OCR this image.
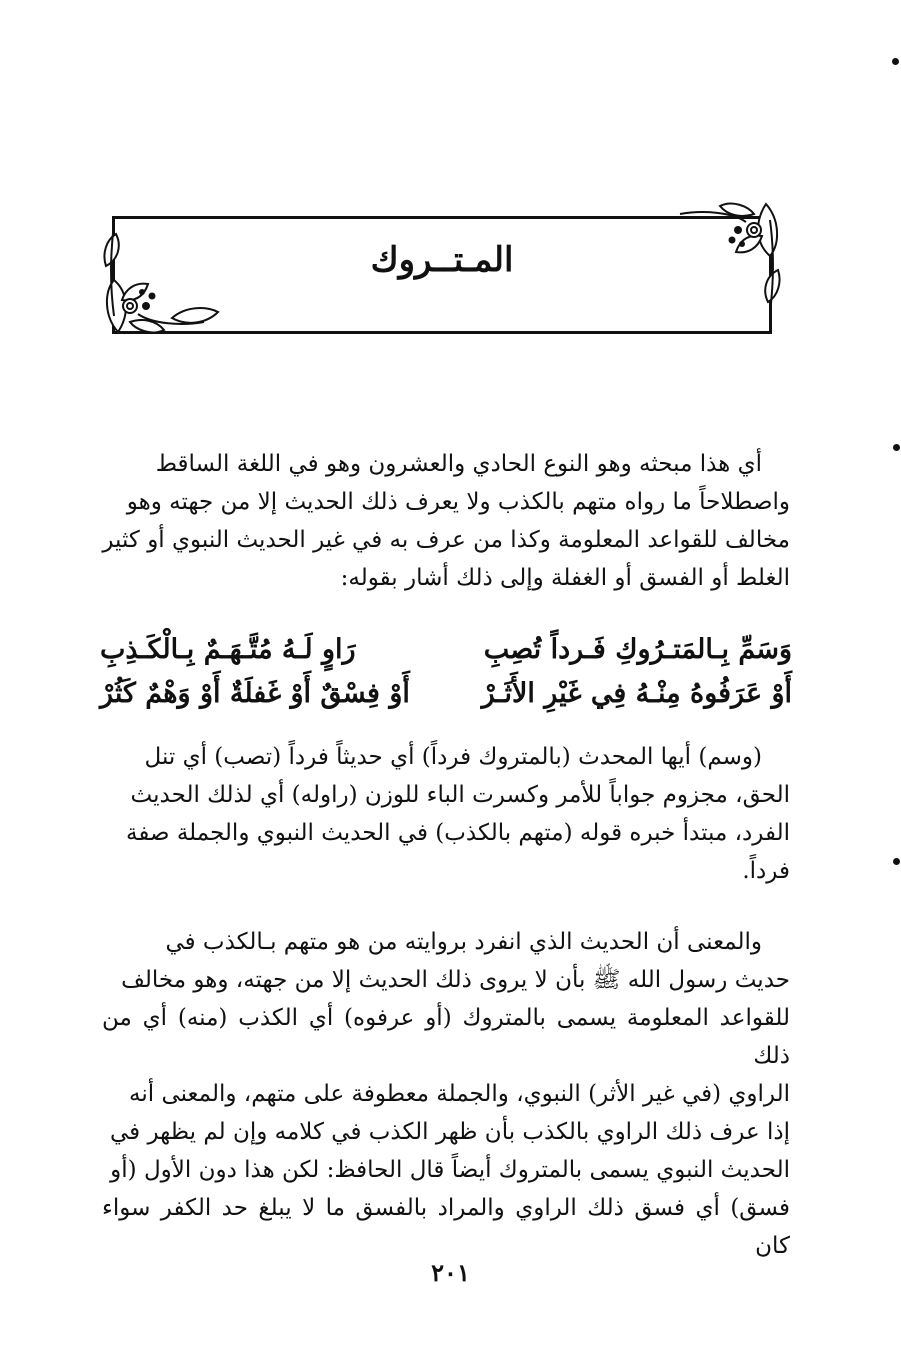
المـتــروك

أي هذا مبحثه وهو النوع الحادي والعشرون وهو في اللغة الساقط

واصطلاحاً ما رواه متهم بالكذب ولا يعرف ذلك الحديث إلا من جهته وهو

مخالف للقواعد المعلومة وكذا من عرف به في غير الحديث النبوي أو كثير

الغلط أو الفسق أو الغفلة وإلى ذلك أشار بقوله:

وَسَمِّ بِـالمَتـرُوكِ فَـرداً تُصِبِ
رَاوٍ لَـهُ مُتَّـهَـمٌ بِـالْكَـذِبِ
أَوْ عَرَفُوهُ مِنْـهُ فِي غَيْرِ الأَثَـرْ
أَوْ فِسْقٌ أَوْ غَفلَةٌ أَوْ وَهْمٌ كَثُرْ

(وسم) أيها المحدث (بالمتروك فرداً) أي حديثاً فرداً (تصب) أي تنل

الحق، مجزوم جواباً للأمر وكسرت الباء للوزن (راوله) أي لذلك الحديث

الفرد، مبتدأ خبره قوله (متهم بالكذب) في الحديث النبوي والجملة صفة

فرداً.

والمعنى أن الحديث الذي انفرد بروايته من هو متهم بـالكذب في

حديث رسول الله ﷺ بأن لا يروى ذلك الحديث إلا من جهته، وهو مخالف

للقواعد المعلومة يسمى بالمتروك (أو عرفوه) أي الكذب (منه) أي من ذلك

الراوي (في غير الأثر) النبوي، والجملة معطوفة على متهم، والمعنى أنه

إذا عرف ذلك الراوي بالكذب بأن ظهر الكذب في كلامه وإن لم يظهر في

الحديث النبوي يسمى بالمتروك أيضاً قال الحافظ: لكن هذا دون الأول (أو

فسق) أي فسق ذلك الراوي والمراد بالفسق ما لا يبلغ حد الكفر سواء كان

٢٠١
